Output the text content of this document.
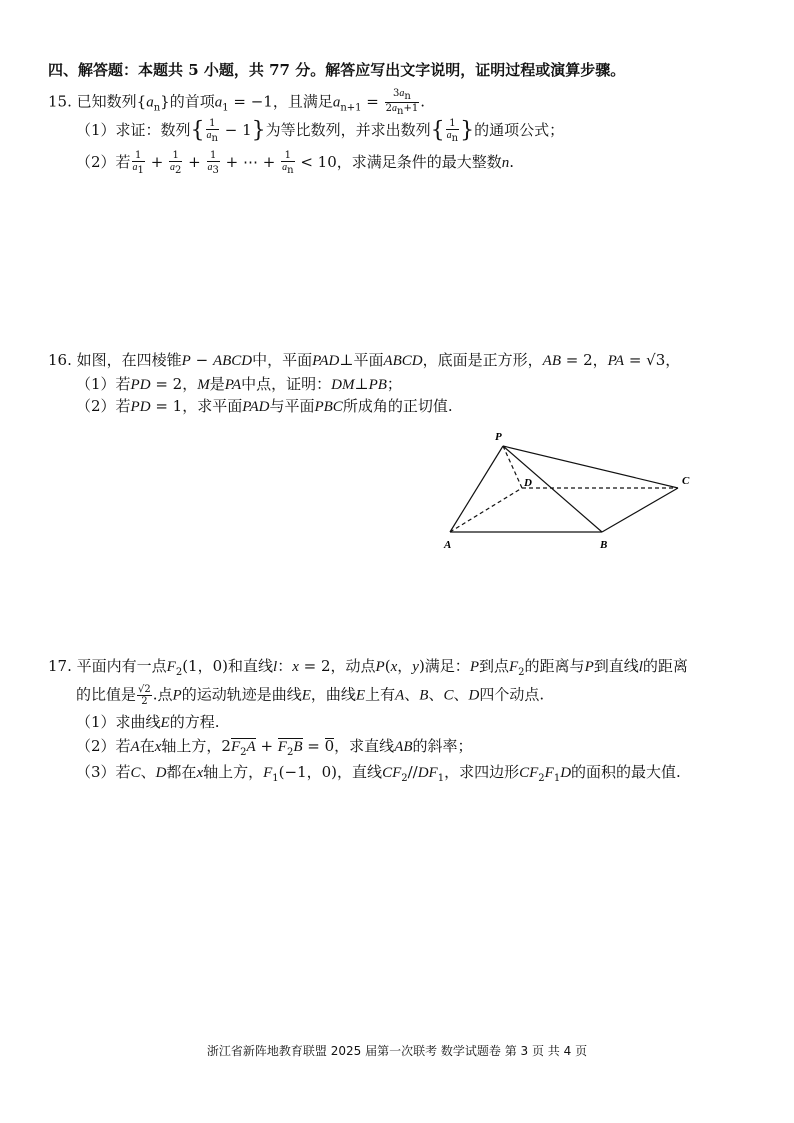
四、解答题：本题共 5 小题，共 77 分。解答应写出文字说明，证明过程或演算步骤。
15. 已知数列$\{a_n\}$的首项$a_1 = -1$，且满足$a_{n+1} = \frac{3a_n}{2a_n+1}$ .
（1）求证：数列{ $\frac{1}{a_n} - 1$}为等比数列，并求出数列{ $\frac{1}{a_n}$ }的通项公式；
（2）若 $\frac{1}{a_1} + \frac{1}{a_2} + \frac{1}{a_3}$ + ⋯ + $\frac{1}{a_n} < 10$，求满足条件的最大整数n.
16. 如图，在四棱锥P − ABCD中，平面PAD⊥平面ABCD，底面是正方形，AB = 2，PA = √3，
（1）若PD = 2，M是PA中点，证明：DM⊥PB；
（2）若PD = 1，求平面PAD与平面PBC所成角的正切值.
P
D	C
A	B
17. 平面内有一点$F_2(1$，0)和直线l：x = 2，动点P(x，y)满足：P到点$F_2$的距离与P到直线l的距离
的比值是 $\frac{√2}{2}$ .点P的运动轨迹是曲线E，曲线E上有A、B、C、D四个动点.
（1）求曲线E的方程.
（2）若A在x轴上方，$2F_2A + F_2B = 0$，求直线AB的斜率；
（3）若C、D都在x轴上方，$F_1(-1$，0)，直线$CF_2//DF_1$，求四边形$CF_2F_1D$的面积的最大值.
浙江省新阵地教育联盟 2025 届第一次联考 数学试题卷 第 3 页 共 4 页
